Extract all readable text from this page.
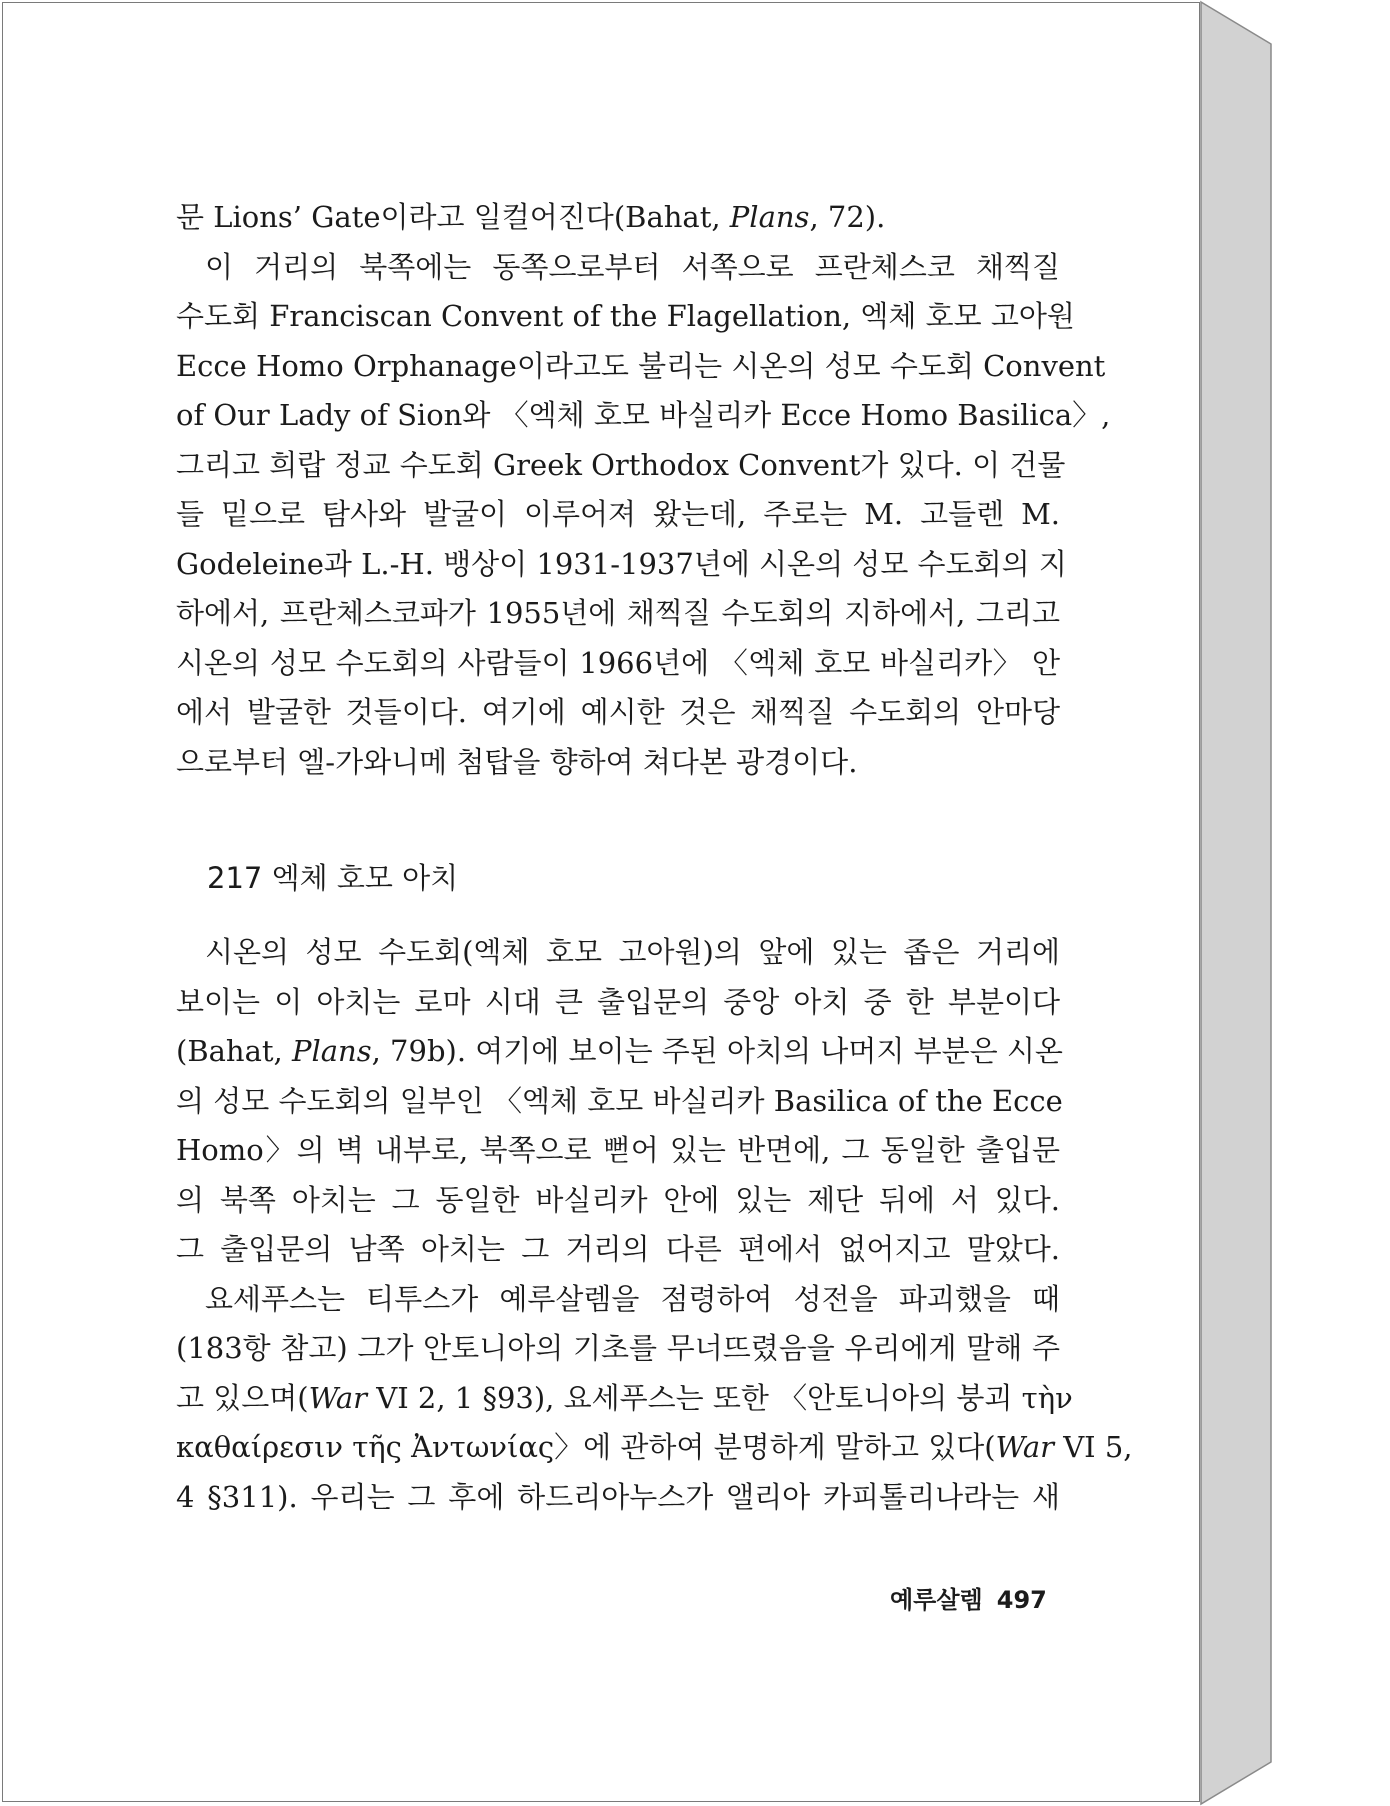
문 Lions’ Gate이라고 일컬어진다(Bahat, Plans, 72).
이 거리의 북쪽에는 동쪽으로부터 서쪽으로 프란체스코 채찍질
수도회 Franciscan Convent of the Flagellation, 엑체 호모 고아원
Ecce Homo Orphanage이라고도 불리는 시온의 성모 수도회 Convent
of Our Lady of Sion와 〈엑체 호모 바실리카 Ecce Homo Basilica〉,
그리고 희랍 정교 수도회 Greek Orthodox Convent가 있다. 이 건물
들 밑으로 탐사와 발굴이 이루어져 왔는데, 주로는 M. 고들렌 M.
Godeleine과 L.-H. 뱅상이 1931-1937년에 시온의 성모 수도회의 지
하에서, 프란체스코파가 1955년에 채찍질 수도회의 지하에서, 그리고
시온의 성모 수도회의 사람들이 1966년에 〈엑체 호모 바실리카〉 안
에서 발굴한 것들이다. 여기에 예시한 것은 채찍질 수도회의 안마당
으로부터 엘-가와니메 첨탑을 향하여 쳐다본 광경이다.
217 엑체 호모 아치
시온의 성모 수도회(엑체 호모 고아원)의 앞에 있는 좁은 거리에
보이는 이 아치는 로마 시대 큰 출입문의 중앙 아치 중 한 부분이다
(Bahat, Plans, 79b). 여기에 보이는 주된 아치의 나머지 부분은 시온
의 성모 수도회의 일부인 〈엑체 호모 바실리카 Basilica of the Ecce
Homo〉의 벽 내부로, 북쪽으로 뻗어 있는 반면에, 그 동일한 출입문
의 북쪽 아치는 그 동일한 바실리카 안에 있는 제단 뒤에 서 있다.
그 출입문의 남쪽 아치는 그 거리의 다른 편에서 없어지고 말았다.
요세푸스는 티투스가 예루살렘을 점령하여 성전을 파괴했을 때
(183항 참고) 그가 안토니아의 기초를 무너뜨렸음을 우리에게 말해 주
고 있으며(War VI 2, 1 §93), 요세푸스는 또한 〈안토니아의 붕괴 τὴν
καθαίρεσιν τῆς Ἀντωνίας〉에 관하여 분명하게 말하고 있다(War VI 5,
4 §311). 우리는 그 후에 하드리아누스가 앨리아 카피톨리나라는 새
예루살렘 497
